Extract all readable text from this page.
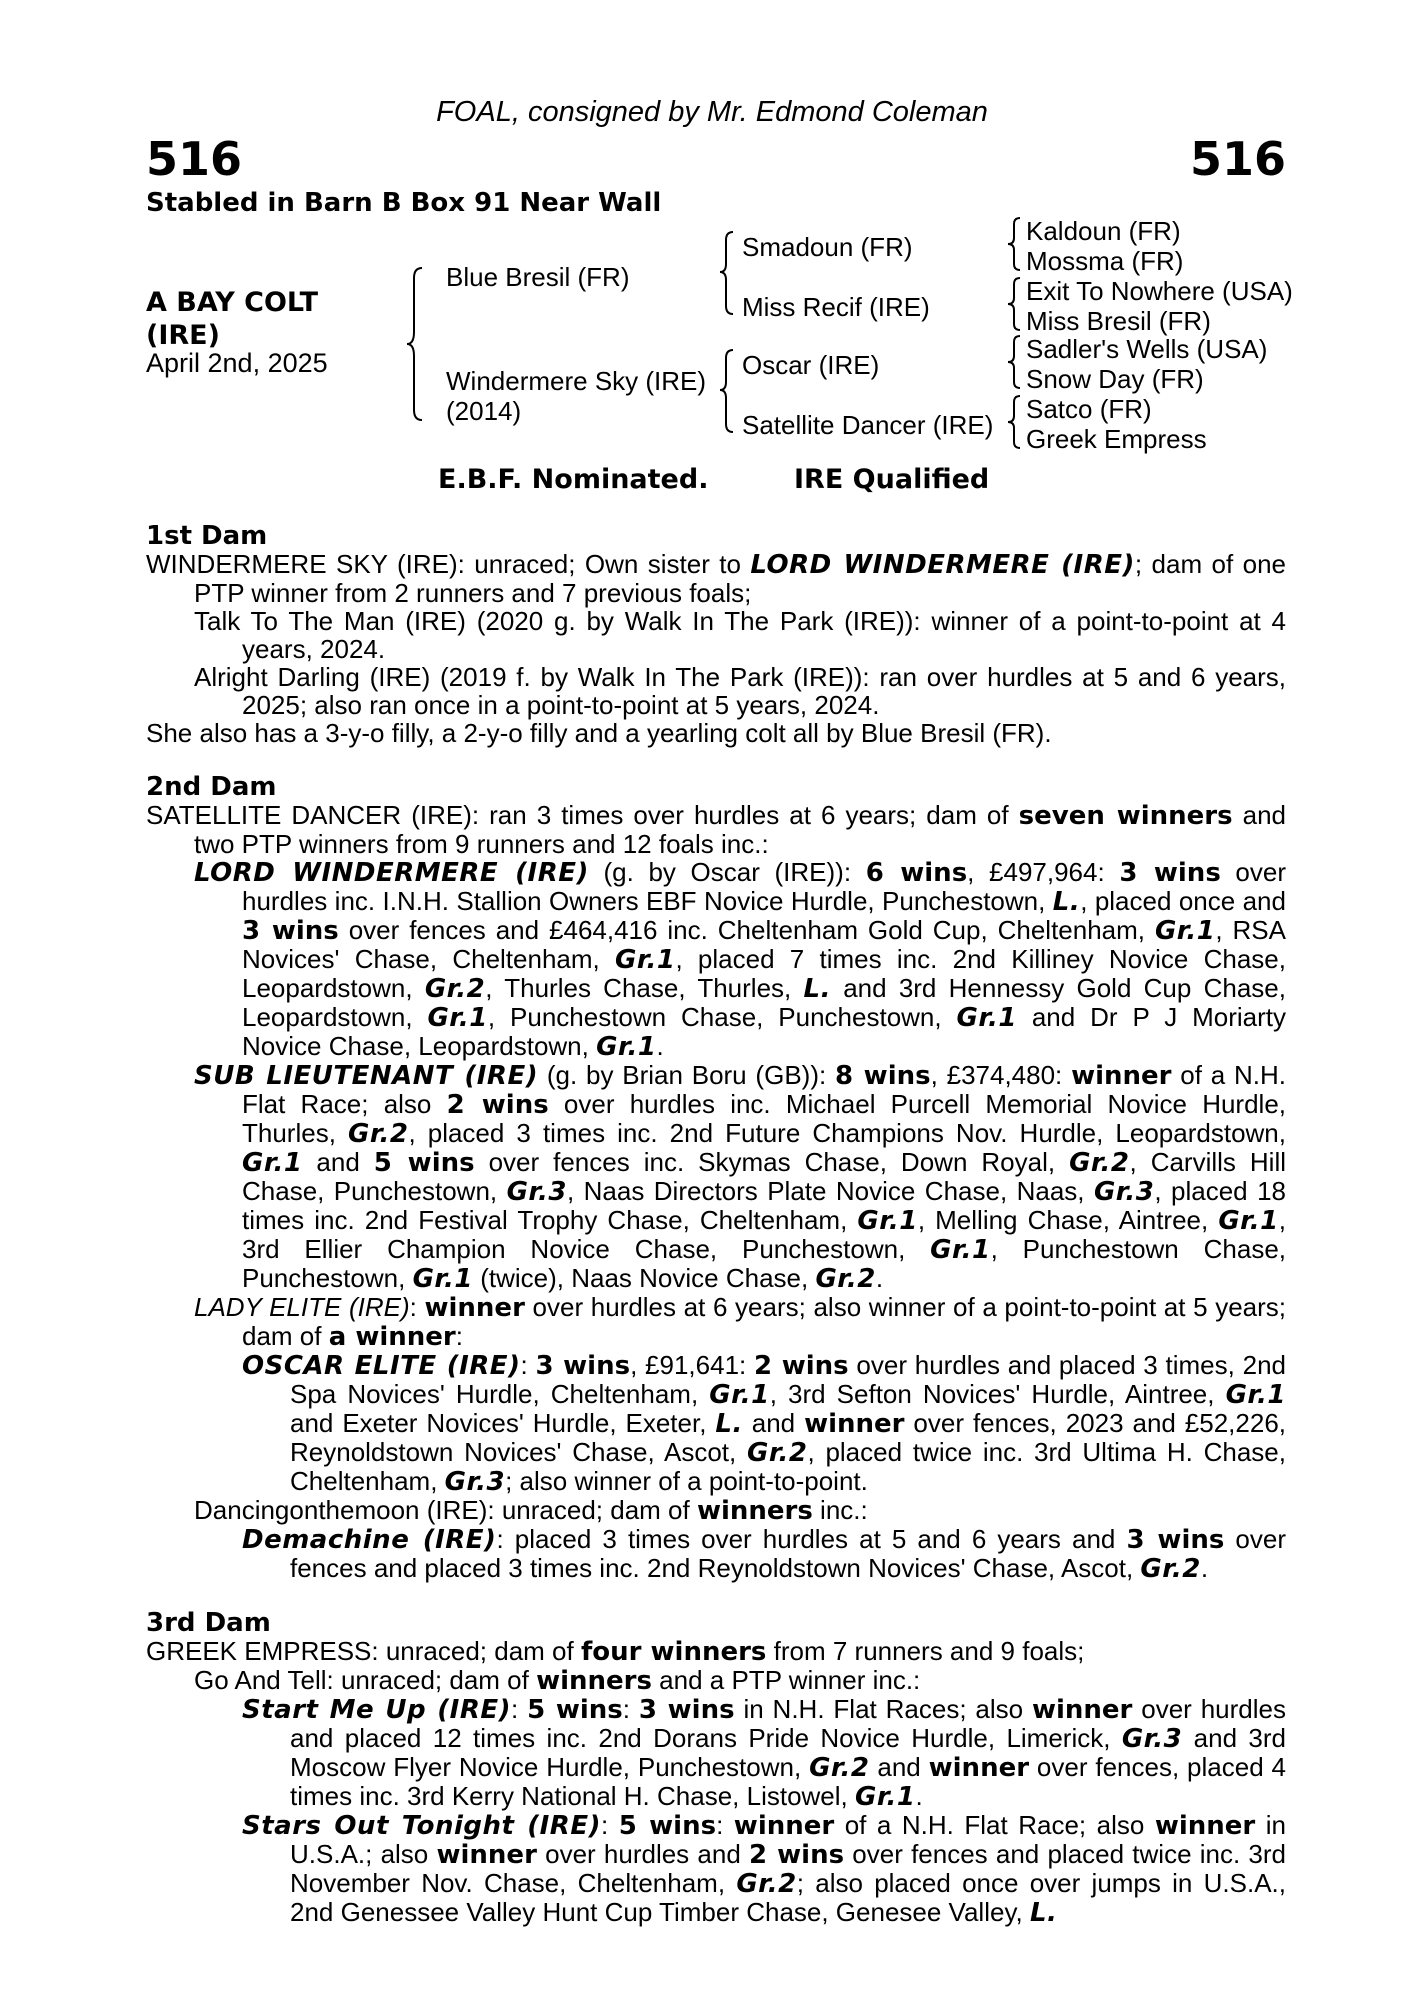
FOAL, consigned by Mr. Edmond Coleman
516	516
Stabled in Barn B Box 91 Near Wall
A BAY COLT
(IRE)
April 2nd, 2025
Blue Bresil (FR)
Windermere Sky (IRE)
(2014)
Smadoun (FR)
Miss Recif (IRE)
Oscar (IRE)
Satellite Dancer (IRE)
Kaldoun (FR)
Mossma (FR)
Exit To Nowhere (USA)
Miss Bresil (FR)
Sadler's Wells (USA)
Snow Day (FR)
Satco (FR)
Greek Empress
E.B.F. Nominated.	IRE Qualified
1st Dam
WINDERMERE SKY (IRE): unraced; Own sister to LORD WINDERMERE (IRE); dam of one PTP winner from 2 runners and 7 previous foals;
Talk To The Man (IRE) (2020 g. by Walk In The Park (IRE)): winner of a point-to-point at 4 years, 2024.
Alright Darling (IRE) (2019 f. by Walk In The Park (IRE)): ran over hurdles at 5 and 6 years, 2025; also ran once in a point-to-point at 5 years, 2024.
She also has a 3-y-o filly, a 2-y-o filly and a yearling colt all by Blue Bresil (FR).
2nd Dam
SATELLITE DANCER (IRE): ran 3 times over hurdles at 6 years; dam of seven winners and two PTP winners from 9 runners and 12 foals inc.:
LORD WINDERMERE (IRE) (g. by Oscar (IRE)): 6 wins, £497,964: 3 wins over hurdles inc. I.N.H. Stallion Owners EBF Novice Hurdle, Punchestown, L., placed once and 3 wins over fences and £464,416 inc. Cheltenham Gold Cup, Cheltenham, Gr.1, RSA Novices' Chase, Cheltenham, Gr.1, placed 7 times inc. 2nd Killiney Novice Chase, Leopardstown, Gr.2, Thurles Chase, Thurles, L. and 3rd Hennessy Gold Cup Chase, Leopardstown, Gr.1, Punchestown Chase, Punchestown, Gr.1 and Dr P J Moriarty Novice Chase, Leopardstown, Gr.1.
SUB LIEUTENANT (IRE) (g. by Brian Boru (GB)): 8 wins, £374,480: winner of a N.H. Flat Race; also 2 wins over hurdles inc. Michael Purcell Memorial Novice Hurdle, Thurles, Gr.2, placed 3 times inc. 2nd Future Champions Nov. Hurdle, Leopardstown, Gr.1 and 5 wins over fences inc. Skymas Chase, Down Royal, Gr.2, Carvills Hill Chase, Punchestown, Gr.3, Naas Directors Plate Novice Chase, Naas, Gr.3, placed 18 times inc. 2nd Festival Trophy Chase, Cheltenham, Gr.1, Melling Chase, Aintree, Gr.1, 3rd Ellier Champion Novice Chase, Punchestown, Gr.1, Punchestown Chase, Punchestown, Gr.1 (twice), Naas Novice Chase, Gr.2.
LADY ELITE (IRE): winner over hurdles at 6 years; also winner of a point-to-point at 5 years; dam of a winner:
OSCAR ELITE (IRE): 3 wins, £91,641: 2 wins over hurdles and placed 3 times, 2nd Spa Novices' Hurdle, Cheltenham, Gr.1, 3rd Sefton Novices' Hurdle, Aintree, Gr.1 and Exeter Novices' Hurdle, Exeter, L. and winner over fences, 2023 and £52,226, Reynoldstown Novices' Chase, Ascot, Gr.2, placed twice inc. 3rd Ultima H. Chase, Cheltenham, Gr.3; also winner of a point-to-point.
Dancingonthemoon (IRE): unraced; dam of winners inc.:
Demachine (IRE): placed 3 times over hurdles at 5 and 6 years and 3 wins over fences and placed 3 times inc. 2nd Reynoldstown Novices' Chase, Ascot, Gr.2.
3rd Dam
GREEK EMPRESS: unraced; dam of four winners from 7 runners and 9 foals;
Go And Tell: unraced; dam of winners and a PTP winner inc.:
Start Me Up (IRE): 5 wins: 3 wins in N.H. Flat Races; also winner over hurdles and placed 12 times inc. 2nd Dorans Pride Novice Hurdle, Limerick, Gr.3 and 3rd Moscow Flyer Novice Hurdle, Punchestown, Gr.2 and winner over fences, placed 4 times inc. 3rd Kerry National H. Chase, Listowel, Gr.1.
Stars Out Tonight (IRE): 5 wins: winner of a N.H. Flat Race; also winner in U.S.A.; also winner over hurdles and 2 wins over fences and placed twice inc. 3rd November Nov. Chase, Cheltenham, Gr.2; also placed once over jumps in U.S.A., 2nd Genessee Valley Hunt Cup Timber Chase, Genesee Valley, L.
